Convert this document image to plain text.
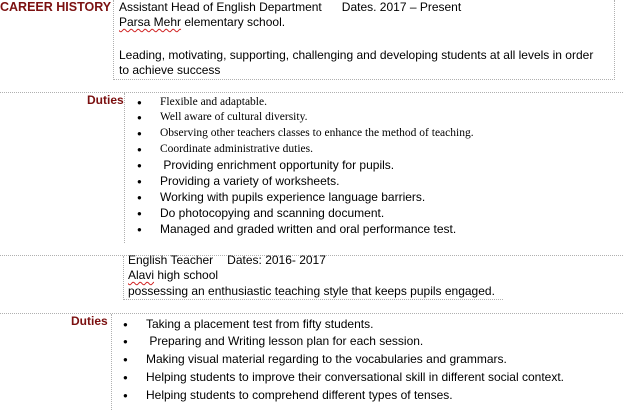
CAREER HISTORY Assistant Head of English Department Dates. 2017 – Present
Parsa Mehr elementary school.
Leading, motivating, supporting, challenging and developing students at all levels in order
to achieve success
Duties ● Flexible and adaptable.
● Well aware of cultural diversity.
● Observing other teachers classes to enhance the method of teaching.
● Coordinate administrative duties.
● Providing enrichment opportunity for pupils.
● Providing a variety of worksheets.
● Working with pupils experience language barriers.
● Do photocopying and scanning document.
● Managed and graded written and oral performance test.
English Teacher Dates: 2016- 2017
Alavi high school
possessing an enthusiastic teaching style that keeps pupils engaged.
Duties ● Taking a placement test from fifty students.
● Preparing and Writing lesson plan for each session.
● Making visual material regarding to the vocabularies and grammars.
● Helping students to improve their conversational skill in different social context.
● Helping students to comprehend different types of tenses.
